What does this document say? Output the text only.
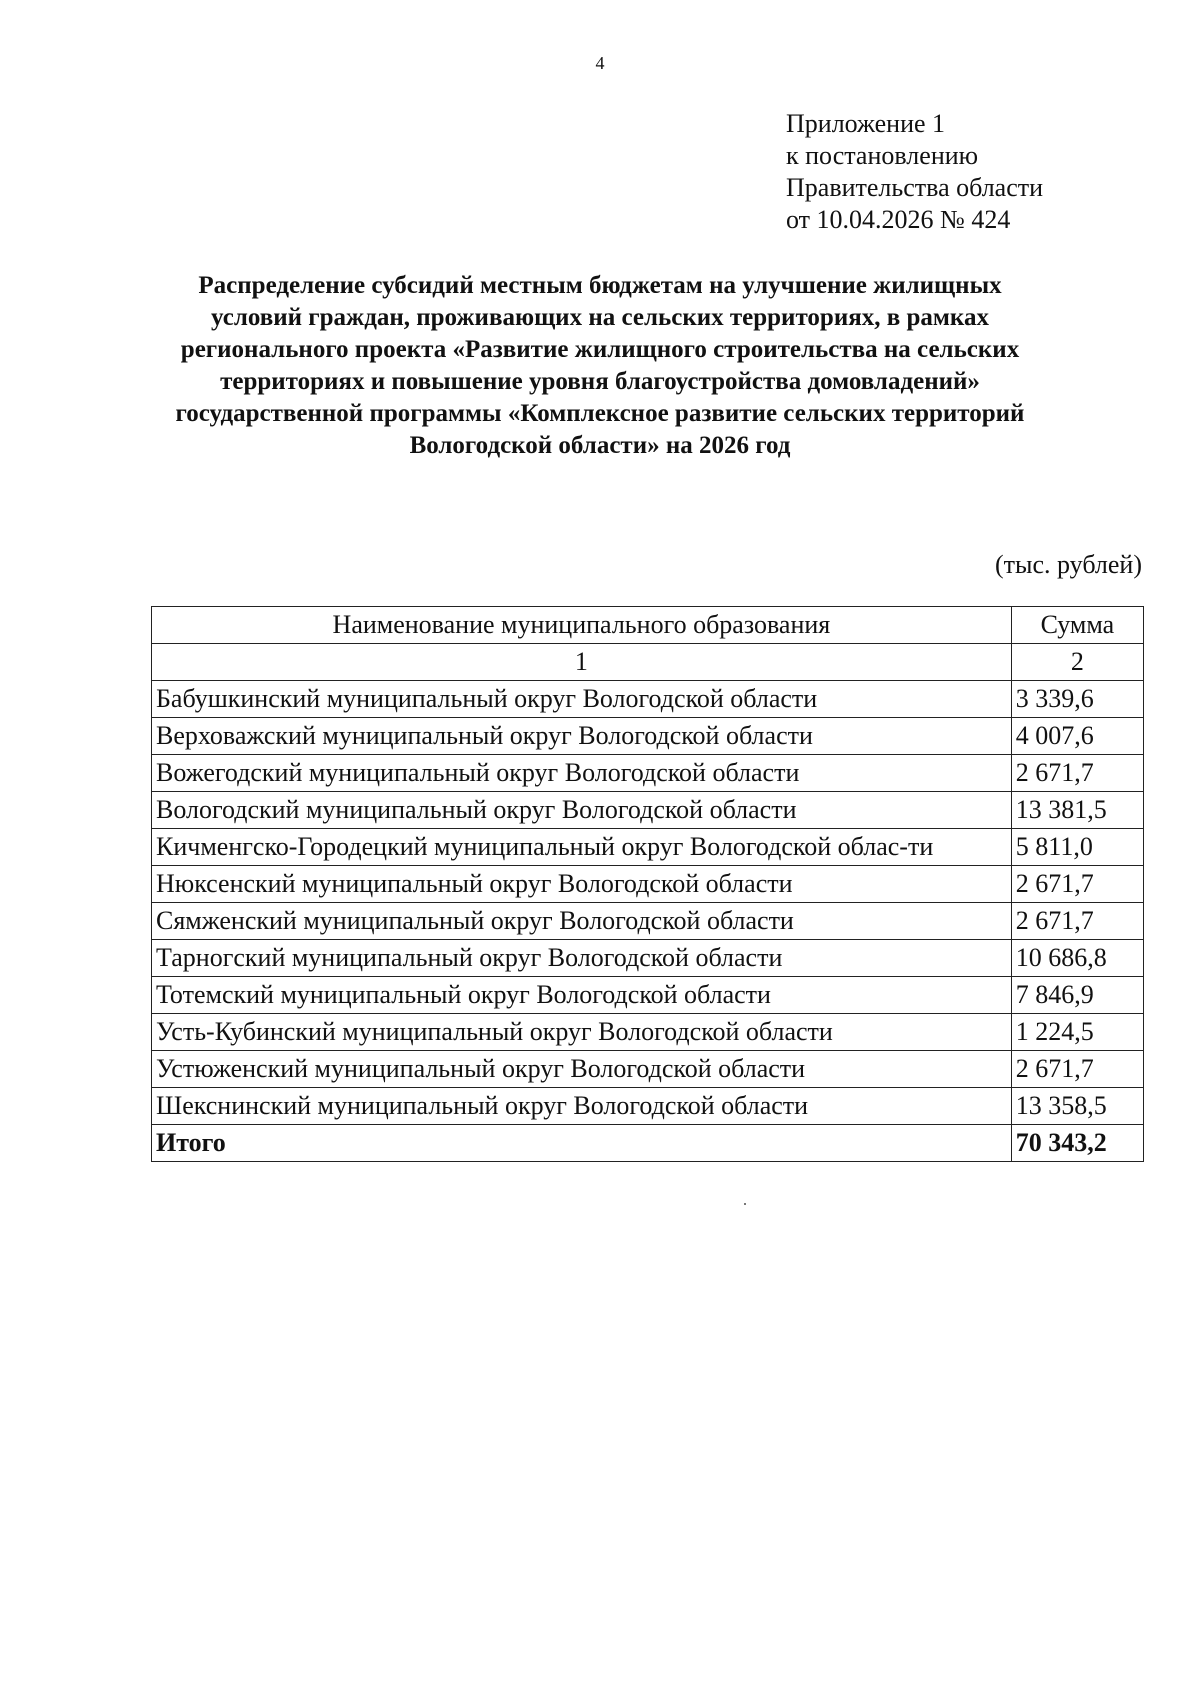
4
Приложение 1
к постановлению
Правительства области
от 10.04.2026 № 424
Распределение субсидий местным бюджетам на улучшение жилищных
условий граждан, проживающих на сельских территориях, в рамках
регионального проекта «Развитие жилищного строительства на сельских
территориях и повышение уровня благоустройства домовладений»
государственной программы «Комплексное развитие сельских территорий
Вологодской области» на 2026 год
(тыс. рублей)
Наименование муниципального образования	Сумма
1	2
Бабушкинский муниципальный округ Вологодской области	3 339,6
Верховажский муниципальный округ Вологодской области	4 007,6
Вожегодский муниципальный округ Вологодской области	2 671,7
Вологодский муниципальный округ Вологодской области	13 381,5
Кичменгско-Городецкий муниципальный округ Вологодской облас-ти	5 811,0
Нюксенский муниципальный округ Вологодской области	2 671,7
Сямженский муниципальный округ Вологодской области	2 671,7
Тарногский муниципальный округ Вологодской области	10 686,8
Тотемский муниципальный округ Вологодской области	7 846,9
Усть-Кубинский муниципальный округ Вологодской области	1 224,5
Устюженский муниципальный округ Вологодской области	2 671,7
Шекснинский муниципальный округ Вологодской области	13 358,5
Итого	70 343,2
